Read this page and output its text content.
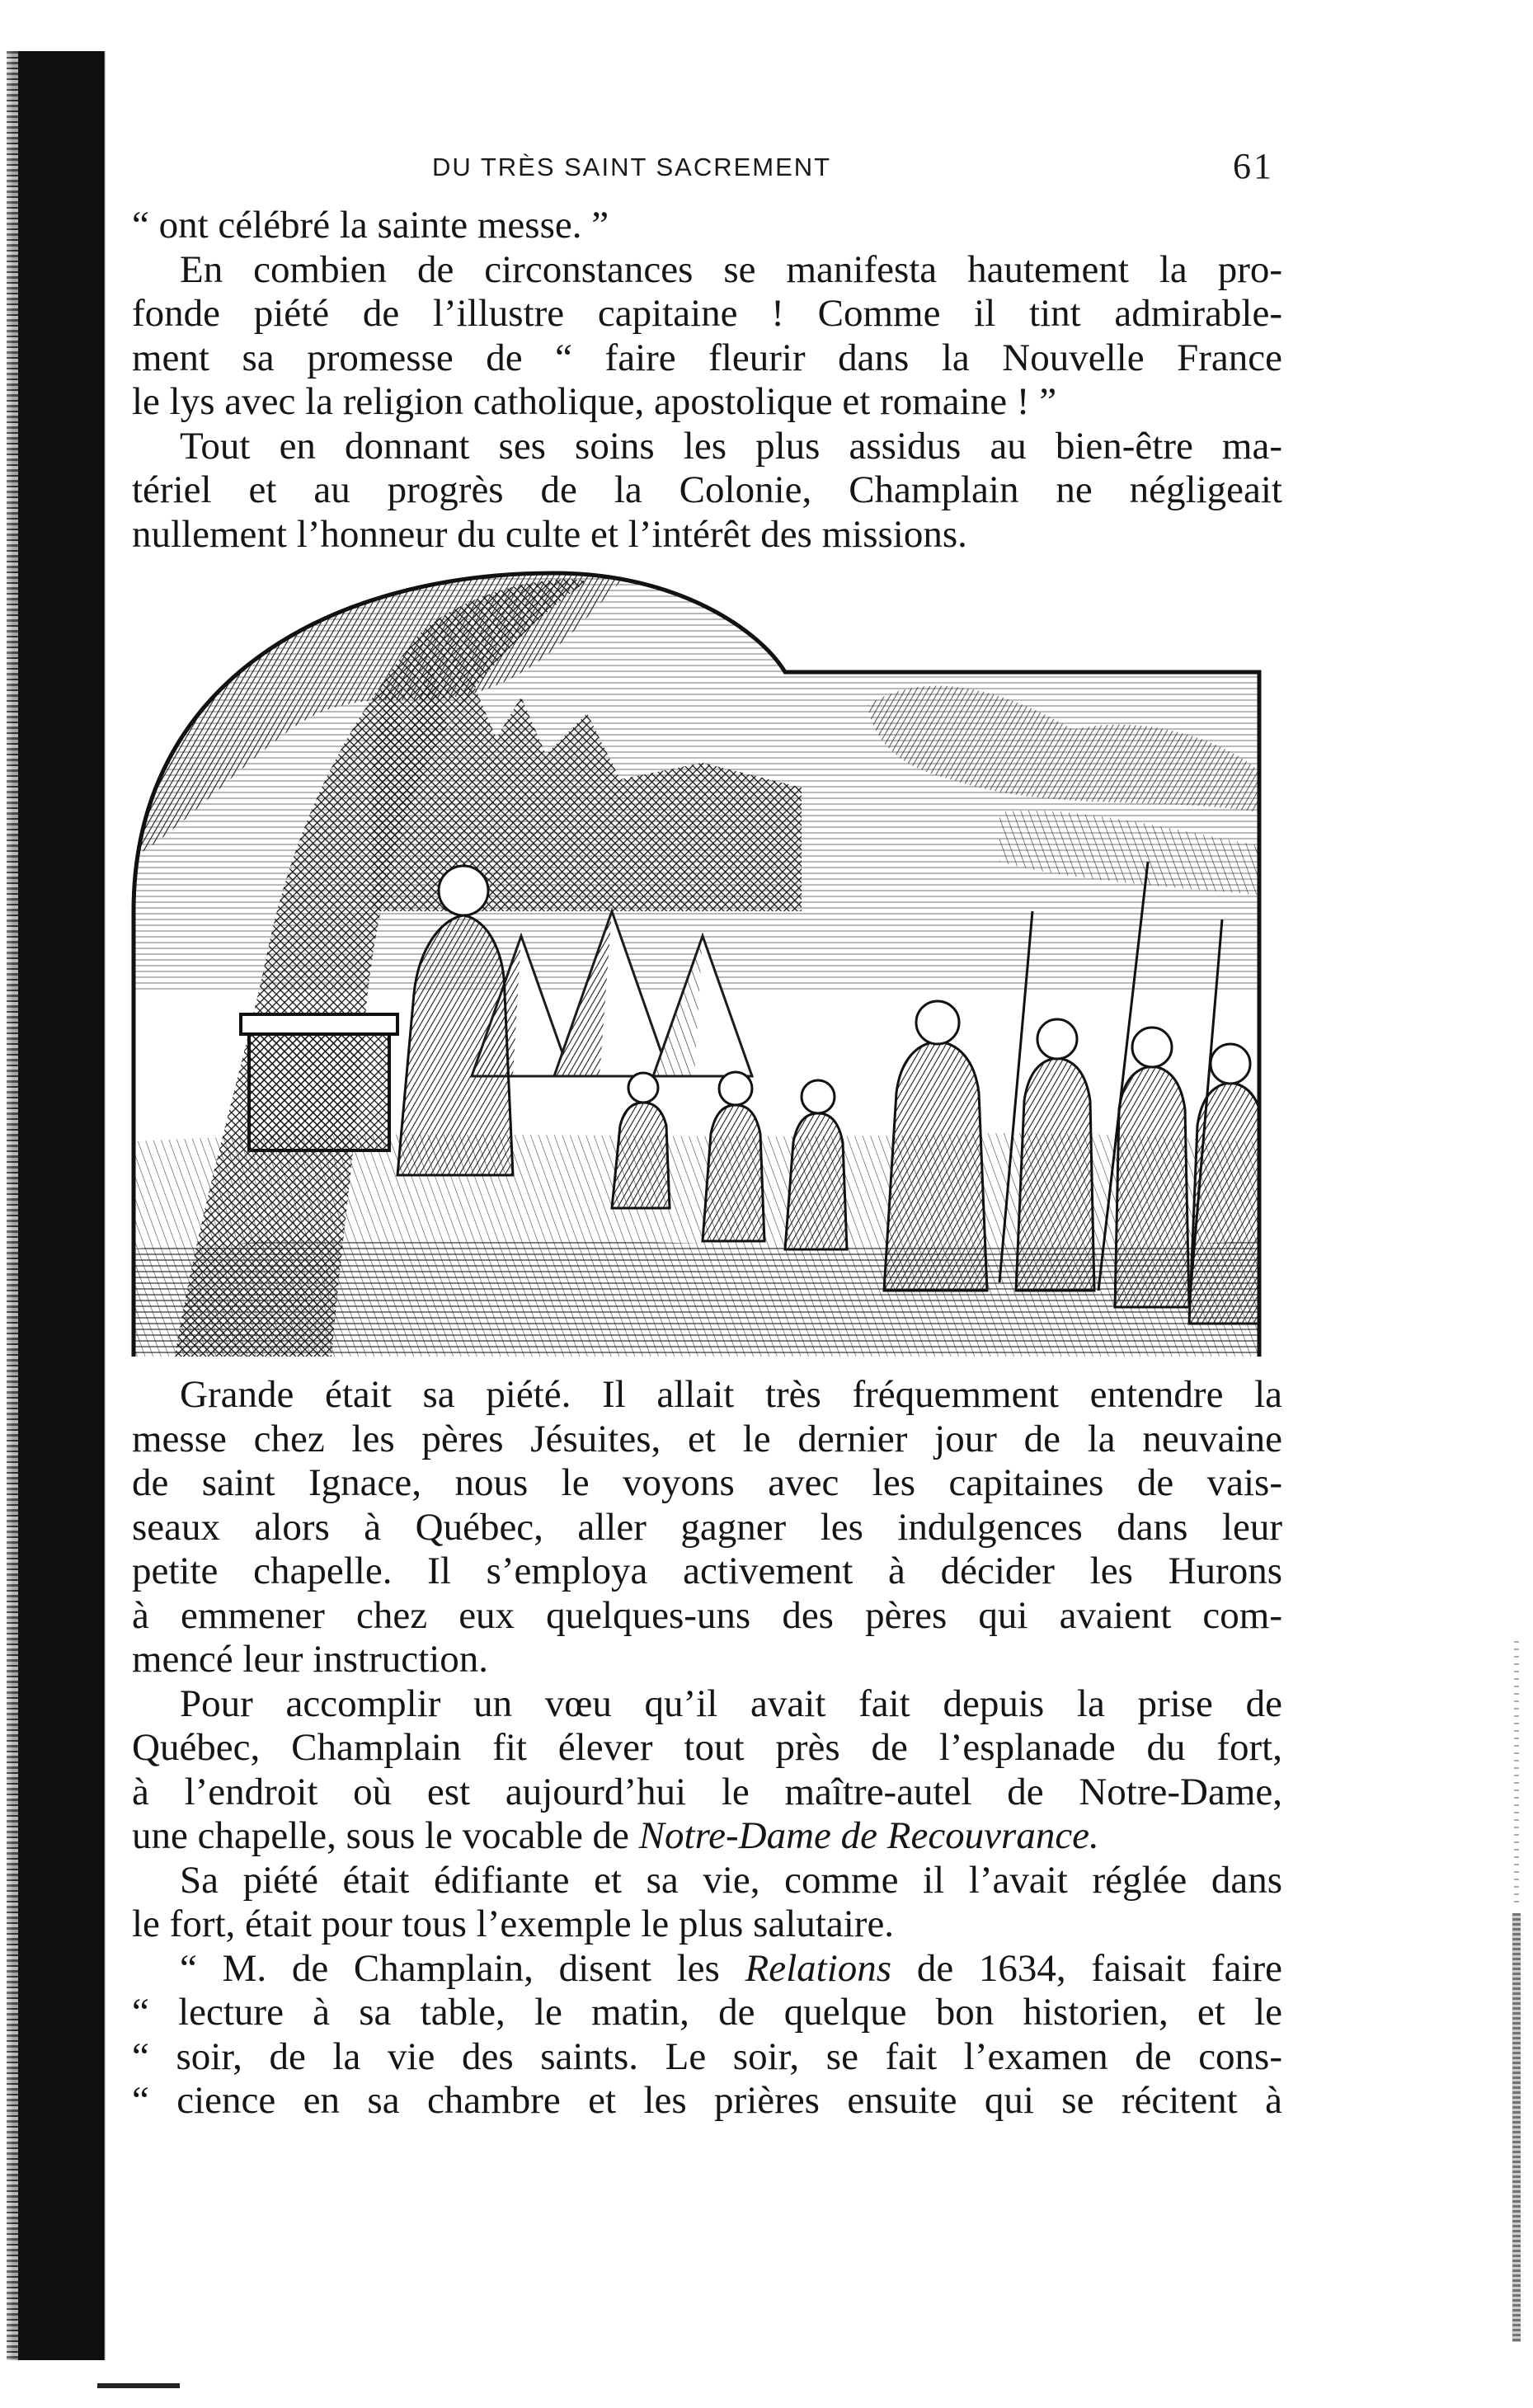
DU TRÈS SAINT SACREMENT	61
“ ont célébré la sainte messe. ”
En combien de circonstances se manifesta hautement la pro-
fonde piété de l’illustre capitaine ! Comme il tint admirable-
ment sa promesse de “ faire fleurir dans la Nouvelle France
le lys avec la religion catholique, apostolique et romaine ! ”
Tout en donnant ses soins les plus assidus au bien-être ma-
tériel et au progrès de la Colonie, Champlain ne négligeait
nullement l’honneur du culte et l’intérêt des missions.
Grande était sa piété. Il allait très fréquemment entendre la
messe chez les pères Jésuites, et le dernier jour de la neuvaine
de saint Ignace, nous le voyons avec les capitaines de vais-
seaux alors à Québec, aller gagner les indulgences dans leur
petite chapelle. Il s’employa activement à décider les Hurons
à emmener chez eux quelques-uns des pères qui avaient com-
mencé leur instruction.
Pour accomplir un vœu qu’il avait fait depuis la prise de
Québec, Champlain fit élever tout près de l’esplanade du fort,
à l’endroit où est aujourd’hui le maître-autel de Notre-Dame,
une chapelle, sous le vocable de Notre-Dame de Recouvrance.
Sa piété était édifiante et sa vie, comme il l’avait réglée dans
le fort, était pour tous l’exemple le plus salutaire.
“ M. de Champlain, disent les Relations de 1634, faisait faire
“ lecture à sa table, le matin, de quelque bon historien, et le
“ soir, de la vie des saints. Le soir, se fait l’examen de cons-
“ cience en sa chambre et les prières ensuite qui se récitent à
